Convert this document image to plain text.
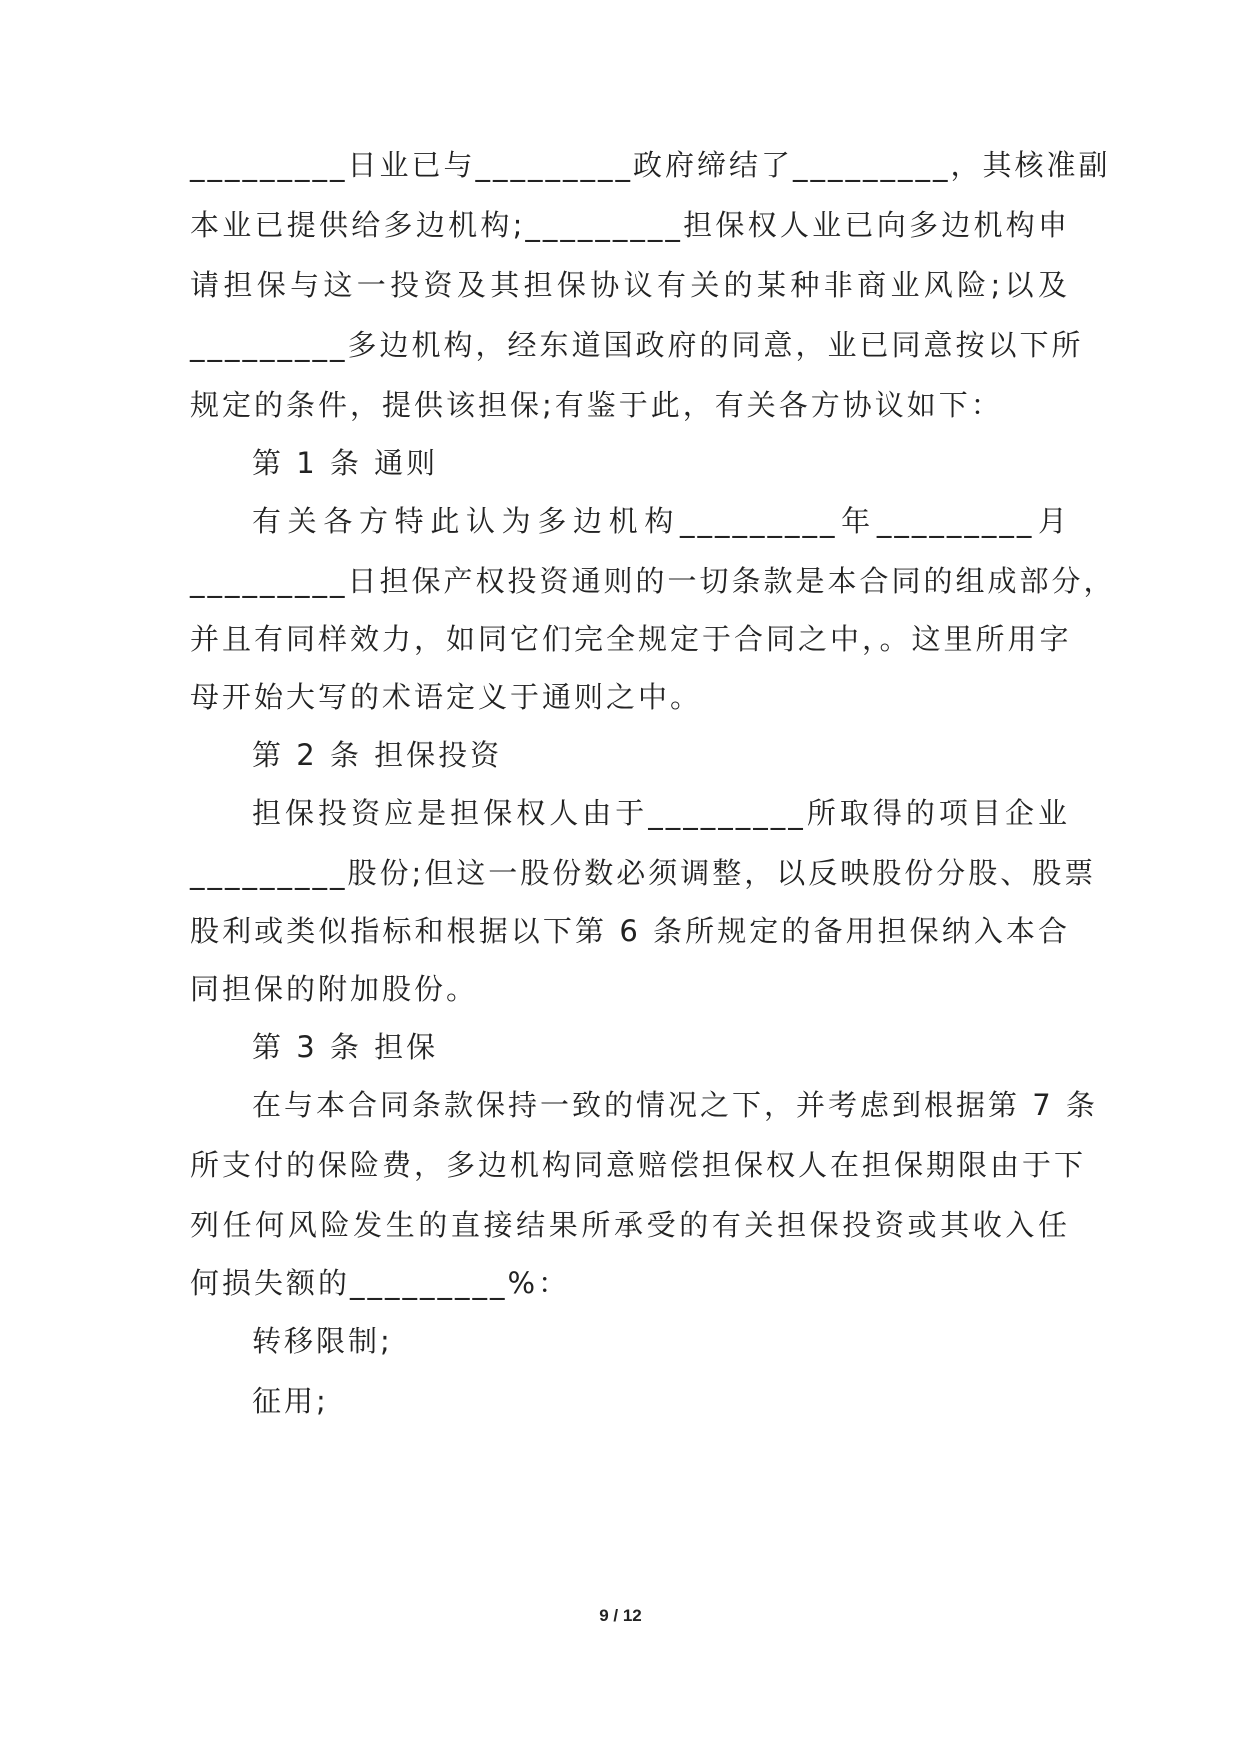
_________日业已与_________政府缔结了_________，其核准副

本业已提供给多边机构;_________担保权人业已向多边机构申

请担保与这一投资及其担保协议有关的某种非商业风险;以及

_________多边机构，经东道国政府的同意，业已同意按以下所

规定的条件，提供该担保;有鉴于此，有关各方协议如下：

第 1 条 通则

有关各方特此认为多边机构_________年_________月

_________日担保产权投资通则的一切条款是本合同的组成部分，

并且有同样效力，如同它们完全规定于合同之中，。这里所用字

母开始大写的术语定义于通则之中。

第 2 条 担保投资

担保投资应是担保权人由于_________所取得的项目企业

_________股份;但这一股份数必须调整，以反映股份分股、股票

股利或类似指标和根据以下第 6 条所规定的备用担保纳入本合

同担保的附加股份。

第 3 条 担保

在与本合同条款保持一致的情况之下，并考虑到根据第 7 条

所支付的保险费，多边机构同意赔偿担保权人在担保期限由于下

列任何风险发生的直接结果所承受的有关担保投资或其收入任

何损失额的_________%：

转移限制;

征用;

9 / 12
